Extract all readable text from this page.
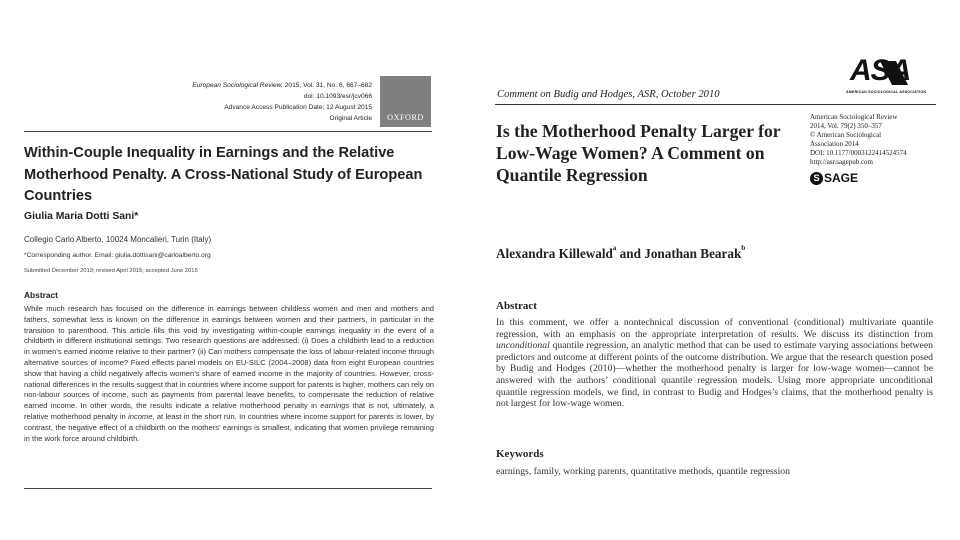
European Sociological Review, 2015, Vol. 31, No. 6, 667–682
doi: 10.1093/esr/jcv066
Advance Access Publication Date: 12 August 2015
Original Article OXFORD
Within-Couple Inequality in Earnings and the Relative Motherhood Penalty. A Cross-National Study of European Countries
Giulia Maria Dotti Sani*
Collegio Carlo Alberto, 10024 Moncalieri, Turin (Italy)
*Corresponding author. Email: giulia.dottisani@carloalberto.org
Submitted December 2013; revised April 2015; accepted June 2015
Abstract
While much research has focused on the difference in earnings between childless women and men and mothers and fathers, somewhat less is known on the difference in earnings between women and their partners, in particular in the transition to parenthood. This article fills this void by investigating within-couple earnings inequality in the event of a childbirth in different institutional settings. Two research questions are addressed: (i) Does a childbirth lead to a reduction in women’s earned income relative to their partner? (ii) Can mothers compensate the loss of labour-related income through alternative sources of income? Fixed effects panel models on EU-SILC (2004–2008) data from eight European countries show that having a child negatively affects women’s share of earned income in the majority of countries. However, cross-national differences in the results suggest that in countries where income support for parents is higher, mothers can rely on non-labour sources of income, such as payments from parental leave benefits, to compensate the reduction of relative earned income. In other words, the results indicate a relative motherhood penalty in earnings that is not, ultimately, a relative motherhood penalty in income, at least in the short run. In countries where income support for parents is lower, by contrast, the negative effect of a childbirth on the mothers’ earnings is smallest, indicating that women privilege remaining in the work force around childbirth.
Comment on Budig and Hodges, ASR, October 2010
ASA
AMERICAN SOCIOLOGICAL ASSOCIATION
Is the Motherhood Penalty Larger for Low-Wage Women? A Comment on Quantile Regression
American Sociological Review
2014, Vol. 79(2) 350–357
© American Sociological
Association 2014
DOI: 10.1177/0003122414524574
http://asr.sagepub.com
S SAGE
Alexandra Killewald$^a$ and Jonathan Bearak$^b$
Abstract
In this comment, we offer a nontechnical discussion of conventional (conditional) multivariate quantile regression, with an emphasis on the appropriate interpretation of results. We discuss its distinction from unconditional quantile regression, an analytic method that can be used to estimate varying associations between predictors and outcome at different points of the outcome distribution. We argue that the research question posed by Budig and Hodges (2010)—whether the motherhood penalty is larger for low-wage women—cannot be answered with the authors’ conditional quantile regression models. Using more appropriate unconditional quantile regression models, we find, in contrast to Budig and Hodges’s claims, that the motherhood penalty is not largest for low-wage women.
Keywords
earnings, family, working parents, quantitative methods, quantile regression
